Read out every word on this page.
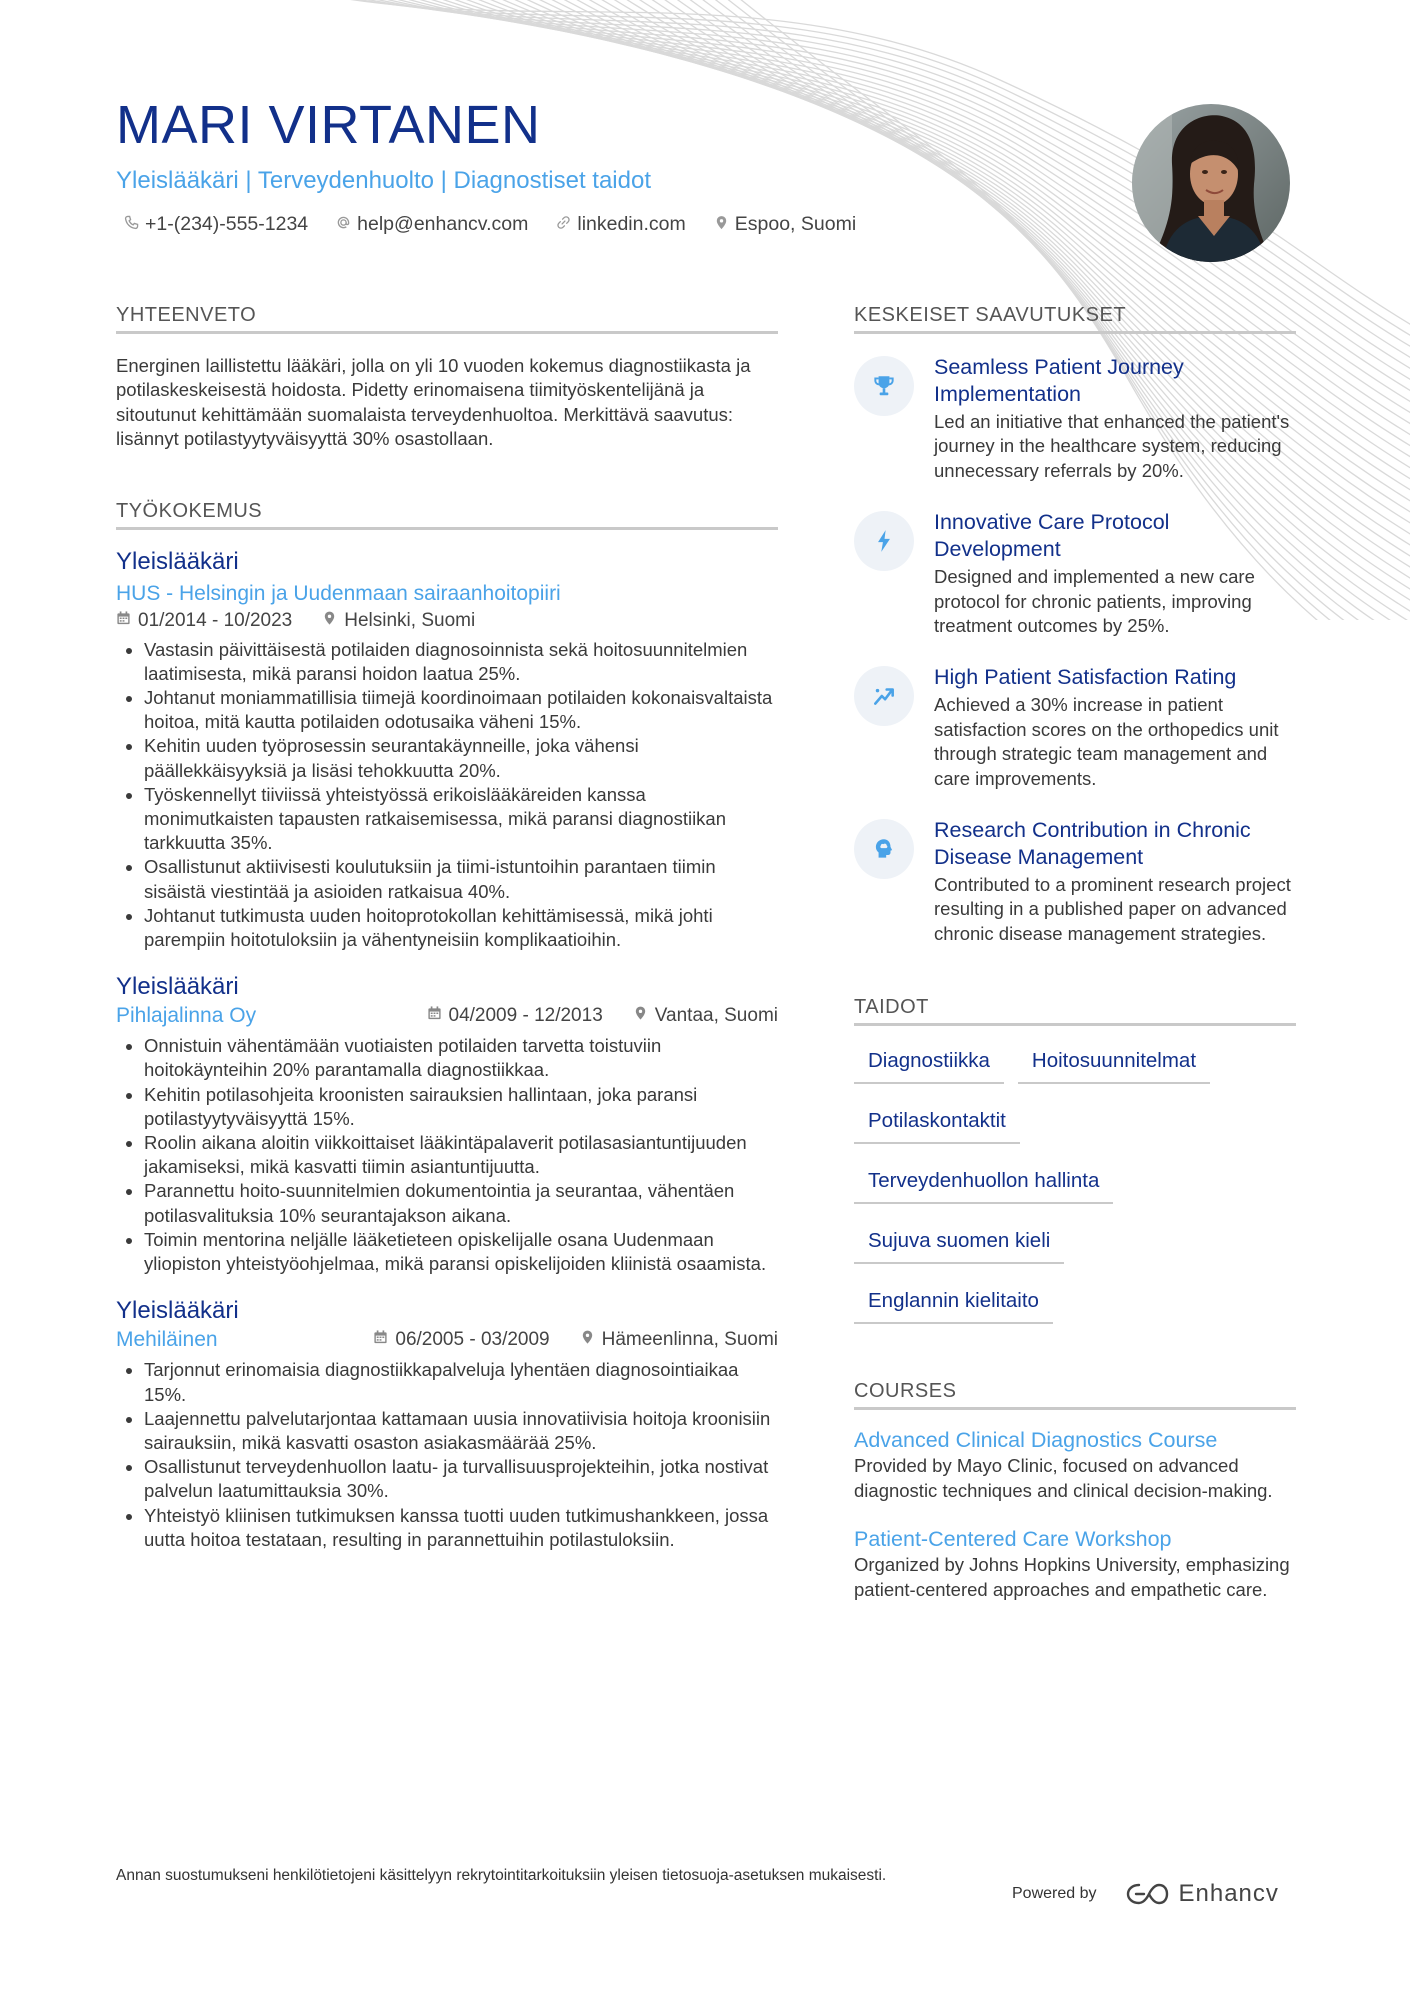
MARI VIRTANEN
Yleislääkäri | Terveydenhuolto | Diagnostiset taidot
+1-(234)-555-1234	help@enhancv.com	linkedin.com	Espoo, Suomi
YHTEENVETO

Energinen laillistettu lääkäri, jolla on yli 10 vuoden kokemus diagnostiikasta ja potilaskeskeisestä hoidosta. Pidetty erinomaisena tiimityöskentelijänä ja sitoutunut kehittämään suomalaista terveydenhuoltoa. Merkittävä saavutus: lisännyt potilastyytyväisyyttä 30% osastollaan.

TYÖKOKEMUS
Yleislääkäri
HUS - Helsingin ja Uudenmaan sairaanhoitopiiri
01/2014 - 10/2023	Helsinki, Suomi
• Vastasin päivittäisestä potilaiden diagnosoinnista sekä hoitosuunnitelmien laatimisesta, mikä paransi hoidon laatua 25%.
• Johtanut moniammatillisia tiimejä koordinoimaan potilaiden kokonaisvaltaista hoitoa, mitä kautta potilaiden odotusaika väheni 15%.
• Kehitin uuden työprosessin seurantakäynneille, joka vähensi päällekkäisyyksiä ja lisäsi tehokkuutta 20%.
• Työskennellyt tiiviissä yhteistyössä erikoislääkäreiden kanssa monimutkaisten tapausten ratkaisemisessa, mikä paransi diagnostiikan tarkkuutta 35%.
• Osallistunut aktiivisesti koulutuksiin ja tiimi-istuntoihin parantaen tiimin sisäistä viestintää ja asioiden ratkaisua 40%.
• Johtanut tutkimusta uuden hoitoprotokollan kehittämisessä, mikä johti parempiin hoitotuloksiin ja vähentyneisiin komplikaatioihin.
Yleislääkäri
Pihlajalinna Oy	04/2009 - 12/2013	Vantaa, Suomi
• Onnistuin vähentämään vuotiaisten potilaiden tarvetta toistuviin hoitokäynteihin 20% parantamalla diagnostiikkaa.
• Kehitin potilasohjeita kroonisten sairauksien hallintaan, joka paransi potilastyytyväisyyttä 15%.
• Roolin aikana aloitin viikkoittaiset lääkintäpalaverit potilasasiantuntijuuden jakamiseksi, mikä kasvatti tiimin asiantuntijuutta.
• Parannettu hoito-suunnitelmien dokumentointia ja seurantaa, vähentäen potilasvalituksia 10% seurantajakson aikana.
• Toimin mentorina neljälle lääketieteen opiskelijalle osana Uudenmaan yliopiston yhteistyöohjelmaa, mikä paransi opiskelijoiden kliinistä osaamista.
Yleislääkäri
Mehiläinen	06/2005 - 03/2009	Hämeenlinna, Suomi
• Tarjonnut erinomaisia diagnostiikkapalveluja lyhentäen diagnosointiaikaa 15%.
• Laajennettu palvelutarjontaa kattamaan uusia innovatiivisia hoitoja kroonisiin sairauksiin, mikä kasvatti osaston asiakasmäärää 25%.
• Osallistunut terveydenhuollon laatu- ja turvallisuusprojekteihin, jotka nostivat palvelun laatumittauksia 30%.
• Yhteistyö kliinisen tutkimuksen kanssa tuotti uuden tutkimushankkeen, jossa uutta hoitoa testataan, resulting in parannettuihin potilastuloksiin.
KESKEISET SAAVUTUKSET
Seamless Patient Journey Implementation
Led an initiative that enhanced the patient's journey in the healthcare system, reducing unnecessary referrals by 20%.
Innovative Care Protocol Development
Designed and implemented a new care protocol for chronic patients, improving treatment outcomes by 25%.
High Patient Satisfaction Rating
Achieved a 30% increase in patient satisfaction scores on the orthopedics unit through strategic team management and care improvements.
Research Contribution in Chronic Disease Management
Contributed to a prominent research project resulting in a published paper on advanced chronic disease management strategies.
TAIDOT
Diagnostiikka	Hoitosuunnitelmat
Potilaskontaktit
Terveydenhuollon hallinta
Sujuva suomen kieli
Englannin kielitaito
COURSES
Advanced Clinical Diagnostics Course
Provided by Mayo Clinic, focused on advanced diagnostic techniques and clinical decision-making.
Patient-Centered Care Workshop
Organized by Johns Hopkins University, emphasizing patient-centered approaches and empathetic care.
Annan suostumukseni henkilötietojeni käsittelyyn rekrytointitarkoituksiin yleisen tietosuoja-asetuksen mukaisesti.
Powered by	Enhancv
